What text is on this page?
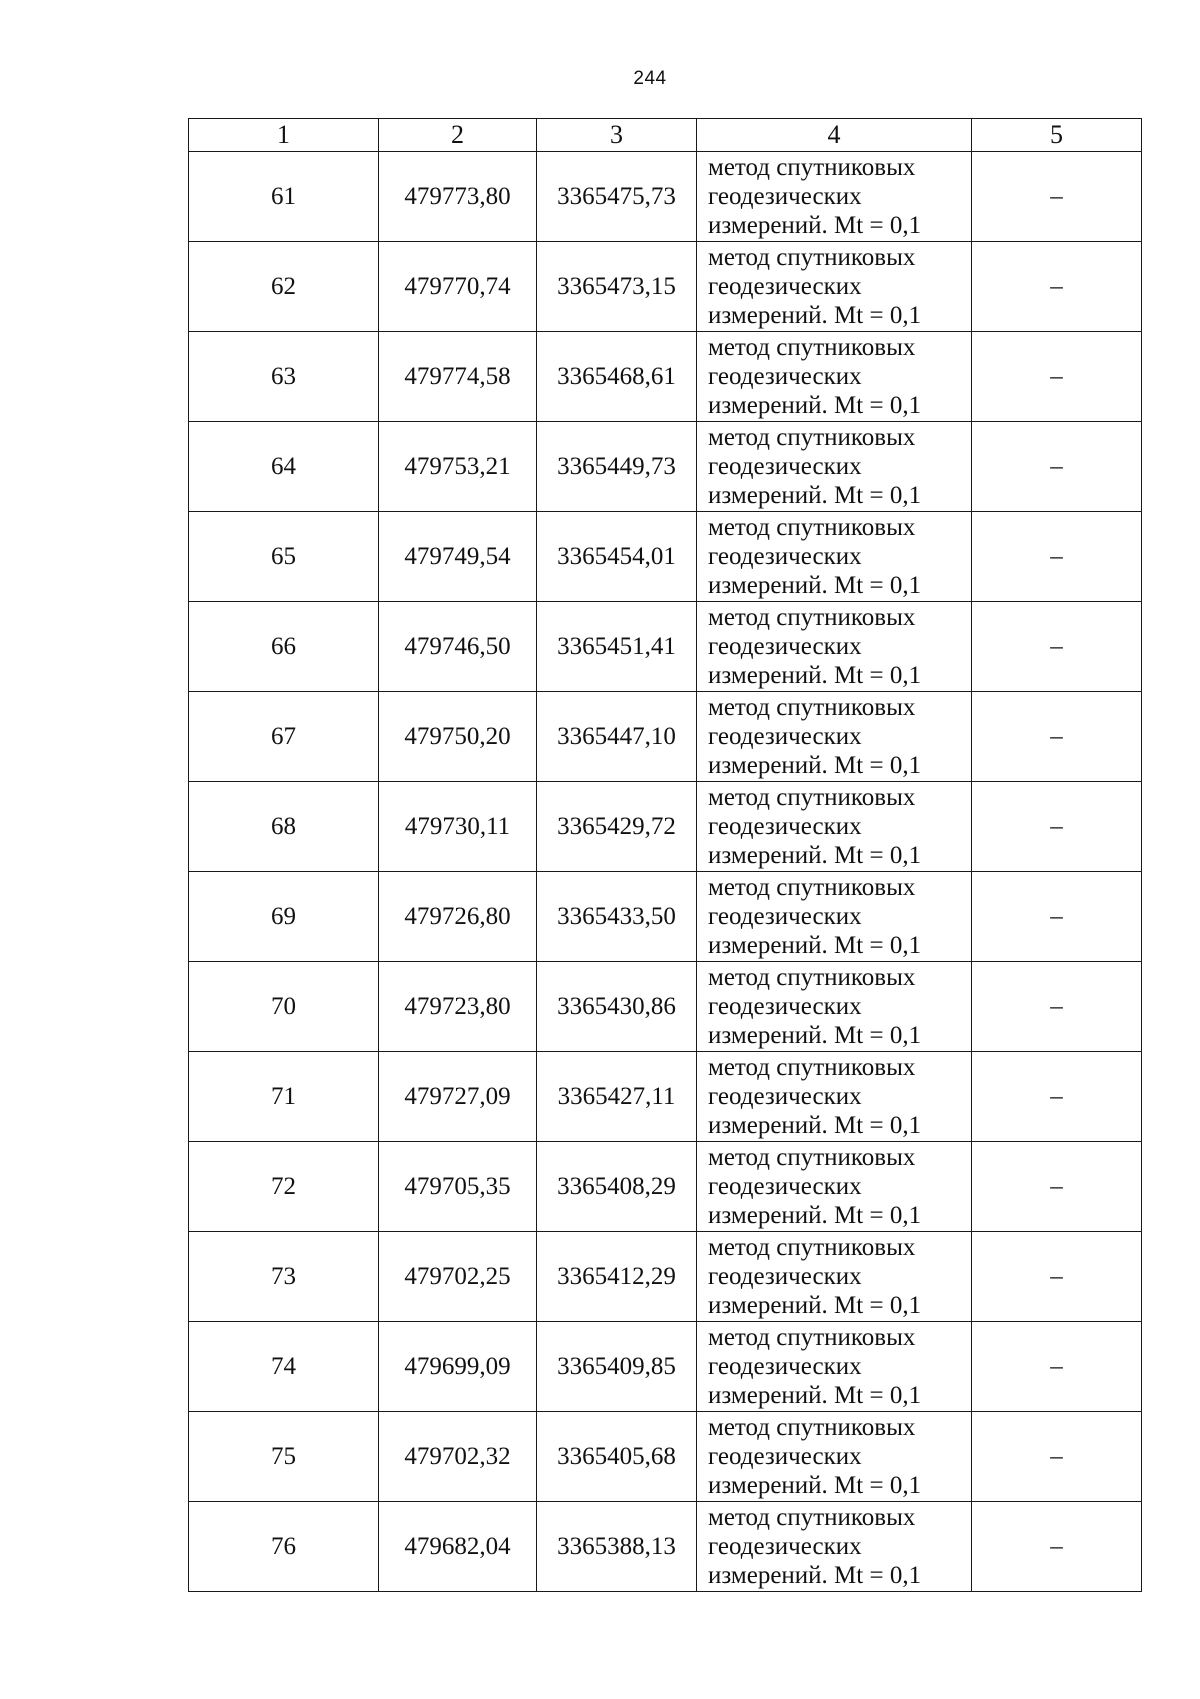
244
1	2	3	4	5
61	479773,80	3365475,73	метод спутниковых
геодезических
измерений. Mt = 0,1	–
62	479770,74	3365473,15	метод спутниковых
геодезических
измерений. Mt = 0,1	–
63	479774,58	3365468,61	метод спутниковых
геодезических
измерений. Mt = 0,1	–
64	479753,21	3365449,73	метод спутниковых
геодезических
измерений. Mt = 0,1	–
65	479749,54	3365454,01	метод спутниковых
геодезических
измерений. Mt = 0,1	–
66	479746,50	3365451,41	метод спутниковых
геодезических
измерений. Mt = 0,1	–
67	479750,20	3365447,10	метод спутниковых
геодезических
измерений. Mt = 0,1	–
68	479730,11	3365429,72	метод спутниковых
геодезических
измерений. Mt = 0,1	–
69	479726,80	3365433,50	метод спутниковых
геодезических
измерений. Mt = 0,1	–
70	479723,80	3365430,86	метод спутниковых
геодезических
измерений. Mt = 0,1	–
71	479727,09	3365427,11	метод спутниковых
геодезических
измерений. Mt = 0,1	–
72	479705,35	3365408,29	метод спутниковых
геодезических
измерений. Mt = 0,1	–
73	479702,25	3365412,29	метод спутниковых
геодезических
измерений. Mt = 0,1	–
74	479699,09	3365409,85	метод спутниковых
геодезических
измерений. Mt = 0,1	–
75	479702,32	3365405,68	метод спутниковых
геодезических
измерений. Mt = 0,1	–
76	479682,04	3365388,13	метод спутниковых
геодезических
измерений. Mt = 0,1	–
